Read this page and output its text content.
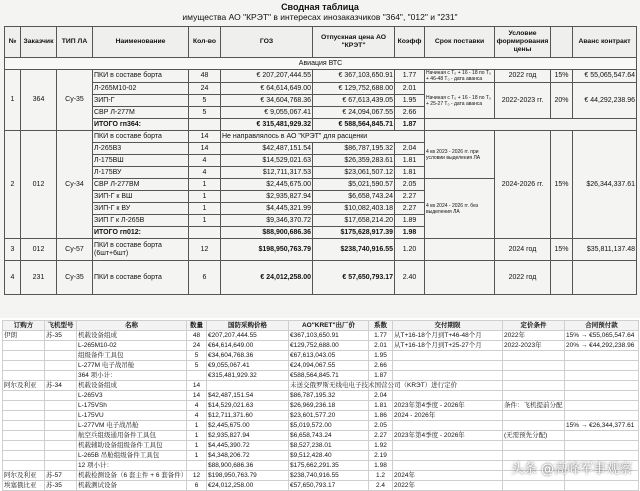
Сводная таблица
имущества АО "КРЭТ" в интересах инозаказчиков "364", "012" и "231"
№	Заказчик	ТИП ЛА	Наименование	Кол-во	ГОЗ	Отпускная цена АО "КРЭТ"	Коэфф	Срок поставки	Условие формирования цены		Аванс контракт
Авиация ВТС											
1	364	Су-35	ПКИ в составе борта	48	€ 207,207,444.55	€ 367,103,650.91	1.77	Начиная с T₀ + 16 - 18 по T₀ + 46-48 T₀ - дата аванса	2022 год	15%	€ 55,065,547.64
			Л-265М10-02	24	€ 64,614,649.00	€ 129,752,688.00	2.01	Начиная с T₀ + 16 - 18 по T₀ + 25-27 T₀ - дата аванса	2022-2023 гг.	20%	€ 44,292,238.96
			ЗИП-Г	5	€ 34,604,768.36	€ 67,613,439.05	1.95				
			СВР Л-277М	5	€ 9,055,067.41	€ 24,094,067.55	2.66				
			ИТОГО гп364:		€ 315,481,929.32	€ 588,564,845.71	1.87				
2	012	Су-34	ПКИ в составе борта	14	Не направлялось в АО "КРЭТ" для расценки			4 кв 2023 - 2026 гг. при условии выделения ЛА	2024-2026 гг.	15%	$26,344,337.61
			Л-265В3	14	$42,487,151.54	$86,787,195.32	2.04				
			Л-175ВШ	4	$14,529,021.63	$26,359,283.61	1.81				
			Л-175ВУ	4	$12,711,317.53	$23,061,507.12	1.81				
			СВР Л-277ВМ	1	$2,445,675.00	$5,021,590.57	2.05	4 кв 2024 - 2026 гг. без выделения ЛА			
			ЗИП-Г к ВШ	1	$2,935,827.94	$6,658,743.24	2.27				
			ЗИП-Г к ВУ	1	$4,445,321.99	$10,082,403.18	2.27				
			ЗИП Г к Л-265В	1	$9,346,370.72	$17,658,214.20	1.89				
			ИТОГО гп012:		$88,900,686.36	$175,628,917.39	1.98				
3	012	Су-57	ПКИ в составе борта (6шт+6шт)	12	$198,950,763.79	$238,740,916.55	1.20		2024 год	15%	$35,811,137.48
4	231	Су-35	ПКИ в составе борта	6	€ 24,012,258.00	€ 57,650,793.17	2.40		2022 год		
订购方	飞机型号	名称	数量	国防采购价格	AO"KRET"出厂价	系数	交付期限	定价条件	合同预付款
伊朗	苏-35	机载设备组成	48	€207,207,444.55	€367,103,650.91	1.77	从T+16-18个月到T+46-48个月	2022年	15% → €55,065,547.64
		L-265M10-02	24	€64,614,649.00	€129,752,688.00	2.01	从T+16-18个月到T+25-27个月	2022-2023年	20% → €44,292,238.96
		组级备件工具包	5	€34,604,768.36	€67,613,043.05	1.95			
		L-277M 电子战吊舱	5	€9,055,067.41	€24,094,067.55	2.66			
		364 项小计：		€315,481,929.32	€588,564,845.71	1.87			
阿尔及利亚	苏-34	机载设备组成	14		未送交俄罗斯无线电电子技术国营公司（KRЭТ）进行定价				
		L-265V3	14	$42,487,151.54	$86,787,195.32	2.04			
		L-175VSh	4	$14,529,021.63	$26,969,236.18	1.81	2023年第4季度 - 2026年	条件：飞机提前分配	
		L-175VU	4	$12,711,371.60	$23,601,577.20	1.86	2024 - 2026年		
		L-277VM 电子战吊舱	1	$2,445,675.00	$5,019,572.00	2.05			15% → €26,344,377.61
		航空兵组级通用备件工具包	1	$2,935,827.94	$6,658,743.24	2.27	2023年第4季度 - 2026年	(无需预先分配)	
		机载辅助设备组级备件工具包	1	$4,445,390.72	$8,527,238.01	1.92			
		L-265B 吊舱组级备件工具包	1	$4,348,206.72	$9,512,428.40	2.19			
		12 项小计：		$88,900,686.36	$175,662,291.35	1.98			
阿尔及利亚	苏-57	机载检测设备（6 套主件 + 6 套备件）	12	$198,950,763.79	$238,740,916.55	1.2	2024年		
埃塞俄比亚	苏-35	机载测试设备	6	€24,012,258.00	€57,650,793.17	2.4	2022年		
头条 @高峰军事观察
